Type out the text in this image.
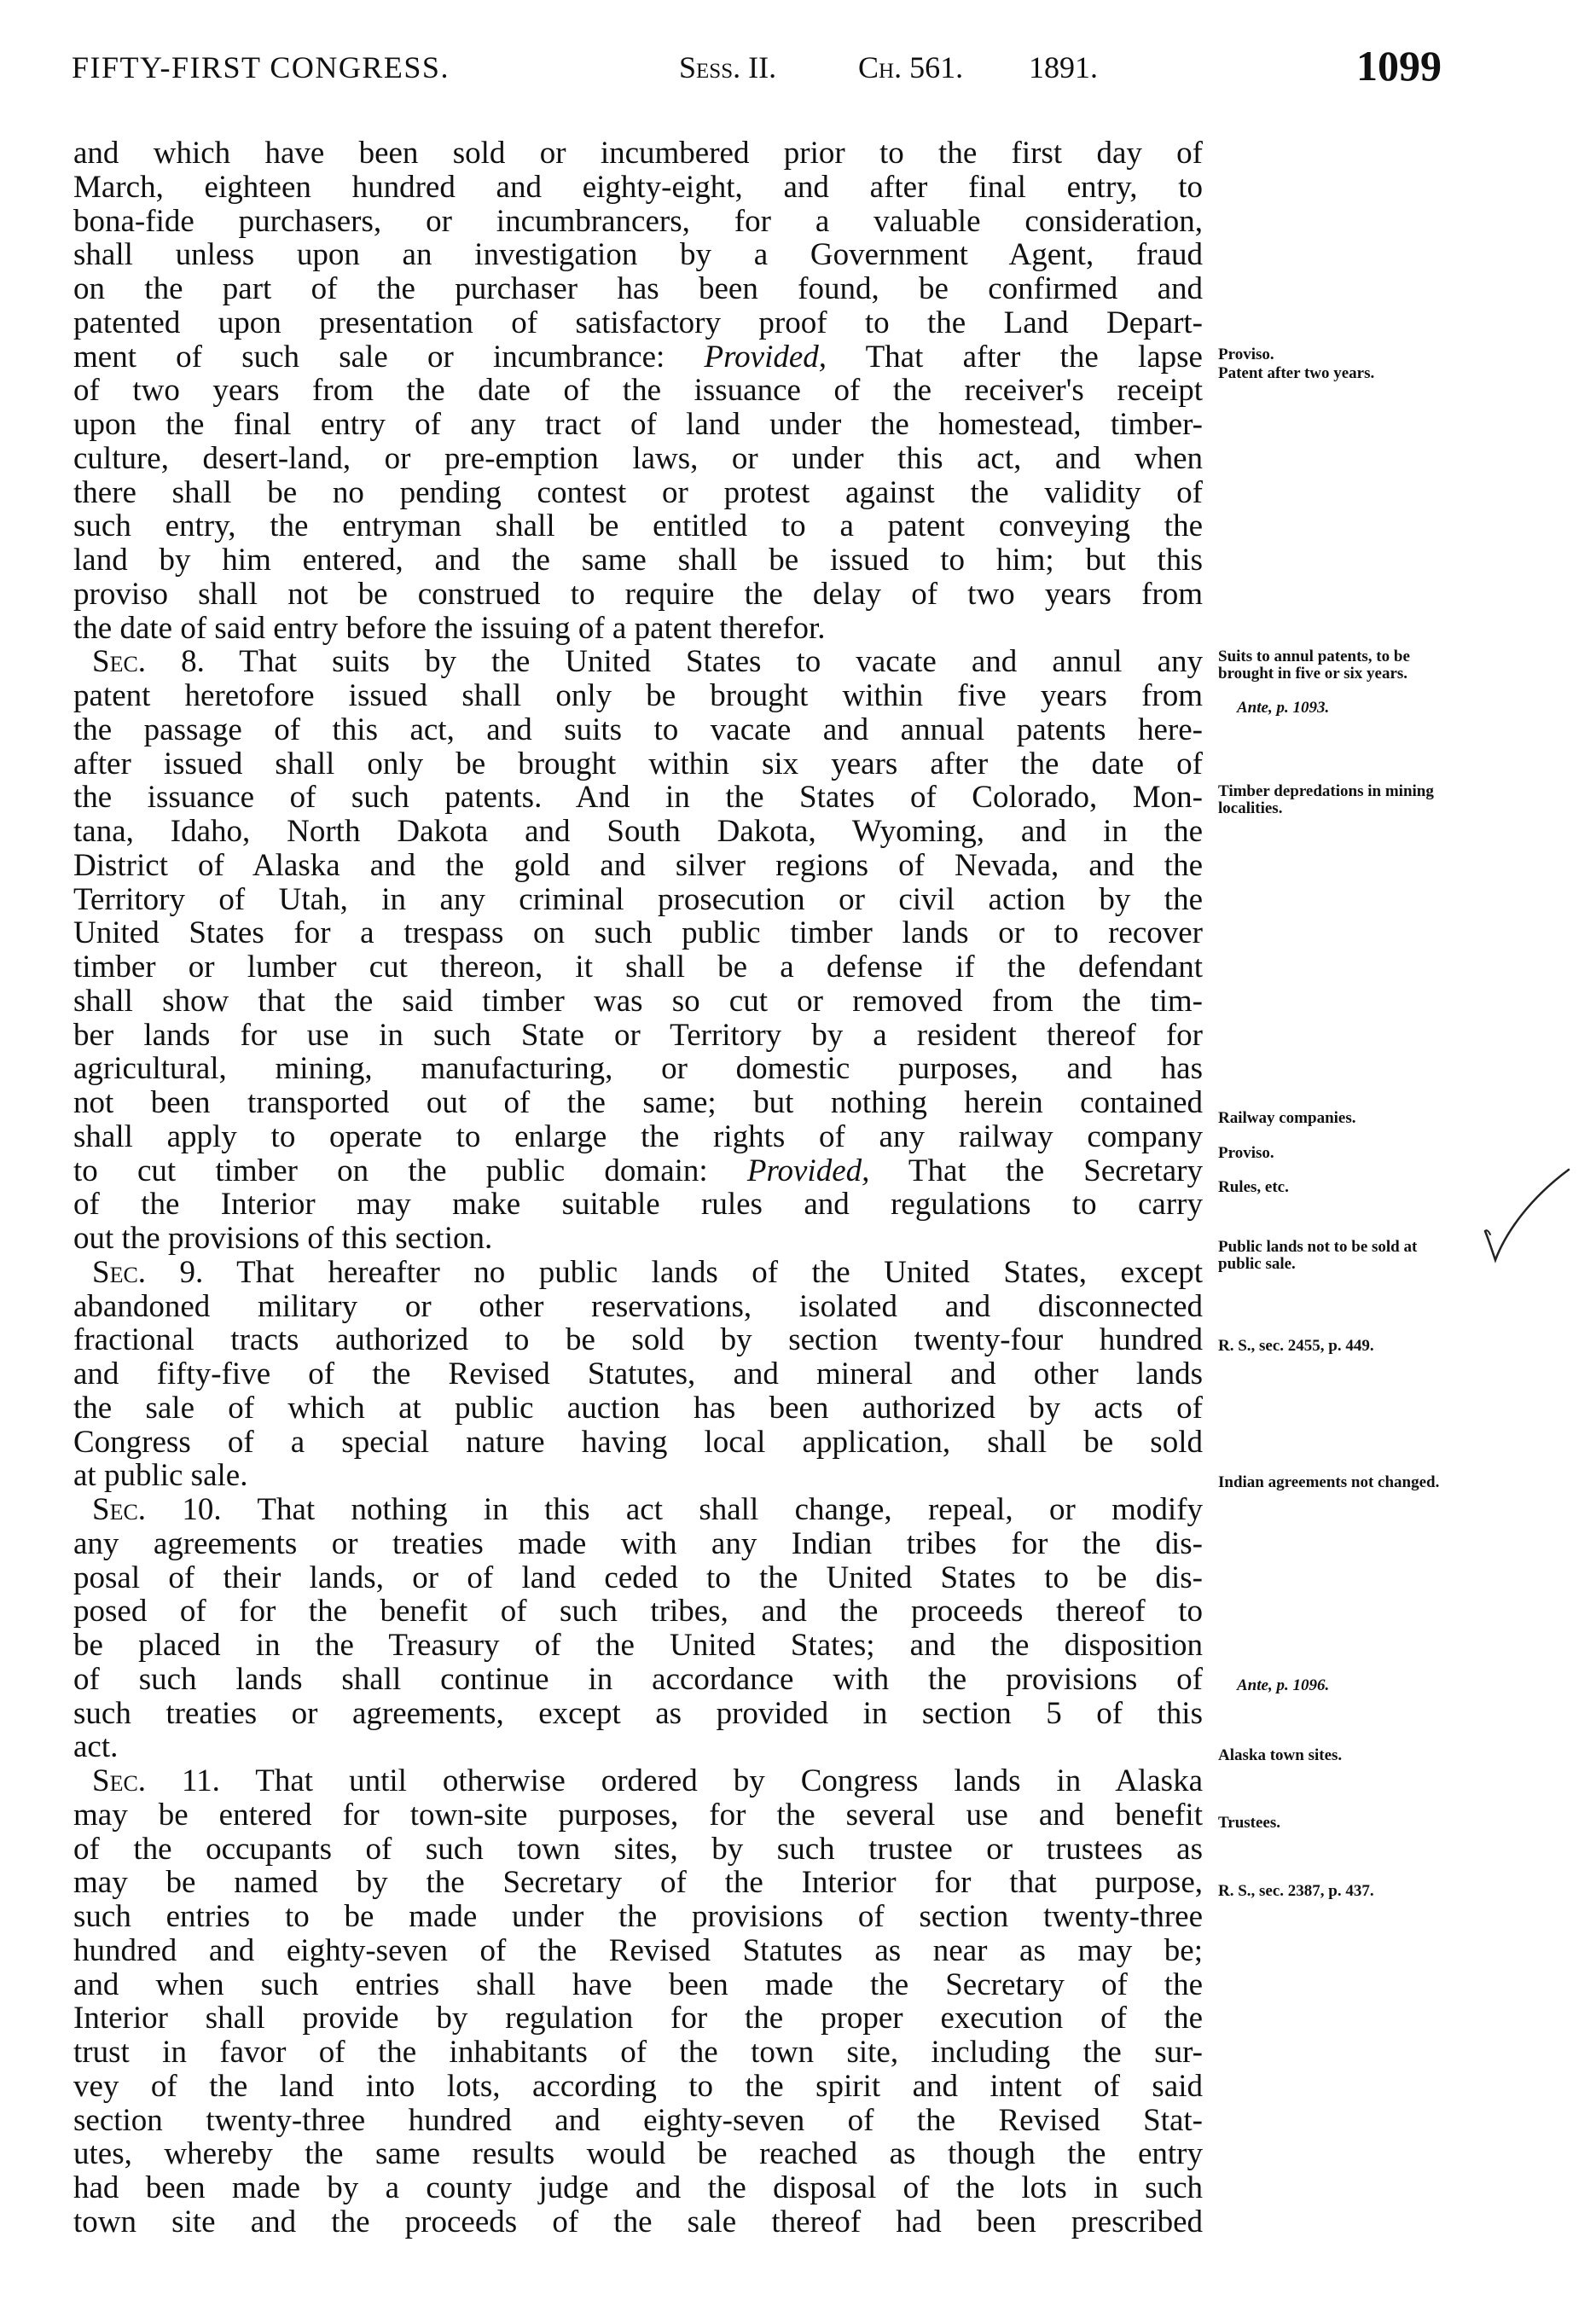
FIFTY-FIRST CONGRESS.	Sess. II.	Ch. 561. 1891.	1099
and which have been sold or incumbered prior to the first day of
March, eighteen hundred and eighty-eight, and after final entry, to
bona-fide purchasers, or incumbrancers, for a valuable consideration,
shall unless upon an investigation by a Government Agent, fraud
on the part of the purchaser has been found, be confirmed and
patented upon presentation of satisfactory proof to the Land Depart-
ment of such sale or incumbrance: Provided, That after the lapse
of two years from the date of the issuance of the receiver's receipt
upon the final entry of any tract of land under the homestead, timber-
culture, desert-land, or pre-emption laws, or under this act, and when
there shall be no pending contest or protest against the validity of
such entry, the entryman shall be entitled to a patent conveying the
land by him entered, and the same shall be issued to him; but this
proviso shall not be construed to require the delay of two years from
the date of said entry before the issuing of a patent therefor.
Sec. 8. That suits by the United States to vacate and annul any
patent heretofore issued shall only be brought within five years from
the passage of this act, and suits to vacate and annual patents here-
after issued shall only be brought within six years after the date of
the issuance of such patents. And in the States of Colorado, Mon-
tana, Idaho, North Dakota and South Dakota, Wyoming, and in the
District of Alaska and the gold and silver regions of Nevada, and the
Territory of Utah, in any criminal prosecution or civil action by the
United States for a trespass on such public timber lands or to recover
timber or lumber cut thereon, it shall be a defense if the defendant
shall show that the said timber was so cut or removed from the tim-
ber lands for use in such State or Territory by a resident thereof for
agricultural, mining, manufacturing, or domestic purposes, and has
not been transported out of the same; but nothing herein contained
shall apply to operate to enlarge the rights of any railway company
to cut timber on the public domain: Provided, That the Secretary
of the Interior may make suitable rules and regulations to carry
out the provisions of this section.
Sec. 9. That hereafter no public lands of the United States, except
abandoned military or other reservations, isolated and disconnected
fractional tracts authorized to be sold by section twenty-four hundred
and fifty-five of the Revised Statutes, and mineral and other lands
the sale of which at public auction has been authorized by acts of
Congress of a special nature having local application, shall be sold
at public sale.
Sec. 10. That nothing in this act shall change, repeal, or modify
any agreements or treaties made with any Indian tribes for the dis-
posal of their lands, or of land ceded to the United States to be dis-
posed of for the benefit of such tribes, and the proceeds thereof to
be placed in the Treasury of the United States; and the disposition
of such lands shall continue in accordance with the provisions of
such treaties or agreements, except as provided in section 5 of this
act.
Sec. 11. That until otherwise ordered by Congress lands in Alaska
may be entered for town-site purposes, for the several use and benefit
of the occupants of such town sites, by such trustee or trustees as
may be named by the Secretary of the Interior for that purpose,
such entries to be made under the provisions of section twenty-three
hundred and eighty-seven of the Revised Statutes as near as may be;
and when such entries shall have been made the Secretary of the
Interior shall provide by regulation for the proper execution of the
trust in favor of the inhabitants of the town site, including the sur-
vey of the land into lots, according to the spirit and intent of said
section twenty-three hundred and eighty-seven of the Revised Stat-
utes, whereby the same results would be reached as though the entry
had been made by a county judge and the disposal of the lots in such
town site and the proceeds of the sale thereof had been prescribed
Proviso.
Patent after two years.
Suits to annul patents, to be brought in five or six years.
Ante, p. 1093.
Timber depredations in mining localities.
Railway companies.
Proviso.
Rules, etc.
Public lands not to be sold at public sale.
R. S., sec. 2455, p. 449.
Indian agreements not changed.
Ante, p. 1096.
Alaska town sites.
Trustees.
R. S., sec. 2387, p. 437.
